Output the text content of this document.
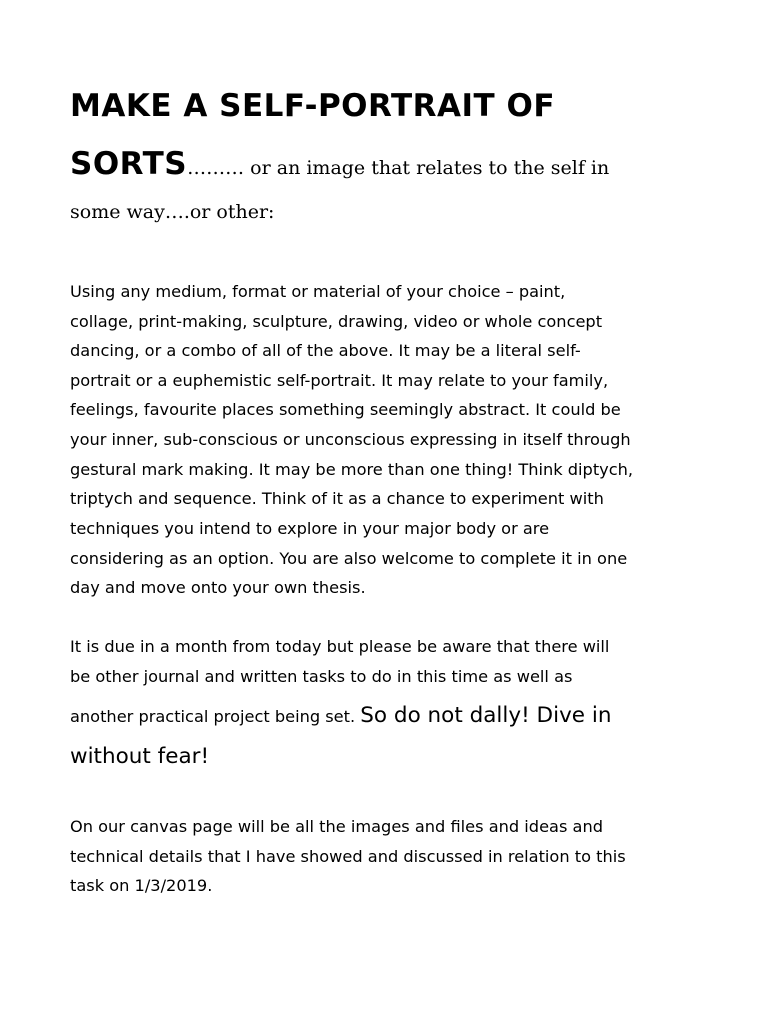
MAKE A SELF-PORTRAIT OF
SORTS……… or an image that relates to the self in
some way….or other:
Using any medium, format or material of your choice – paint,
collage, print-making, sculpture, drawing, video or whole concept
dancing, or a combo of all of the above. It may be a literal self-
portrait or a euphemistic self-portrait. It may relate to your family,
feelings, favourite places something seemingly abstract. It could be
your inner, sub-conscious or unconscious expressing in itself through
gestural mark making. It may be more than one thing! Think diptych,
triptych and sequence. Think of it as a chance to experiment with
techniques you intend to explore in your major body or are
considering as an option. You are also welcome to complete it in one
day and move onto your own thesis.
It is due in a month from today but please be aware that there will
be other journal and written tasks to do in this time as well as
another practical project being set. So do not dally! Dive in
without fear!
On our canvas page will be all the images and files and ideas and
technical details that I have showed and discussed in relation to this
task on 1/3/2019.
